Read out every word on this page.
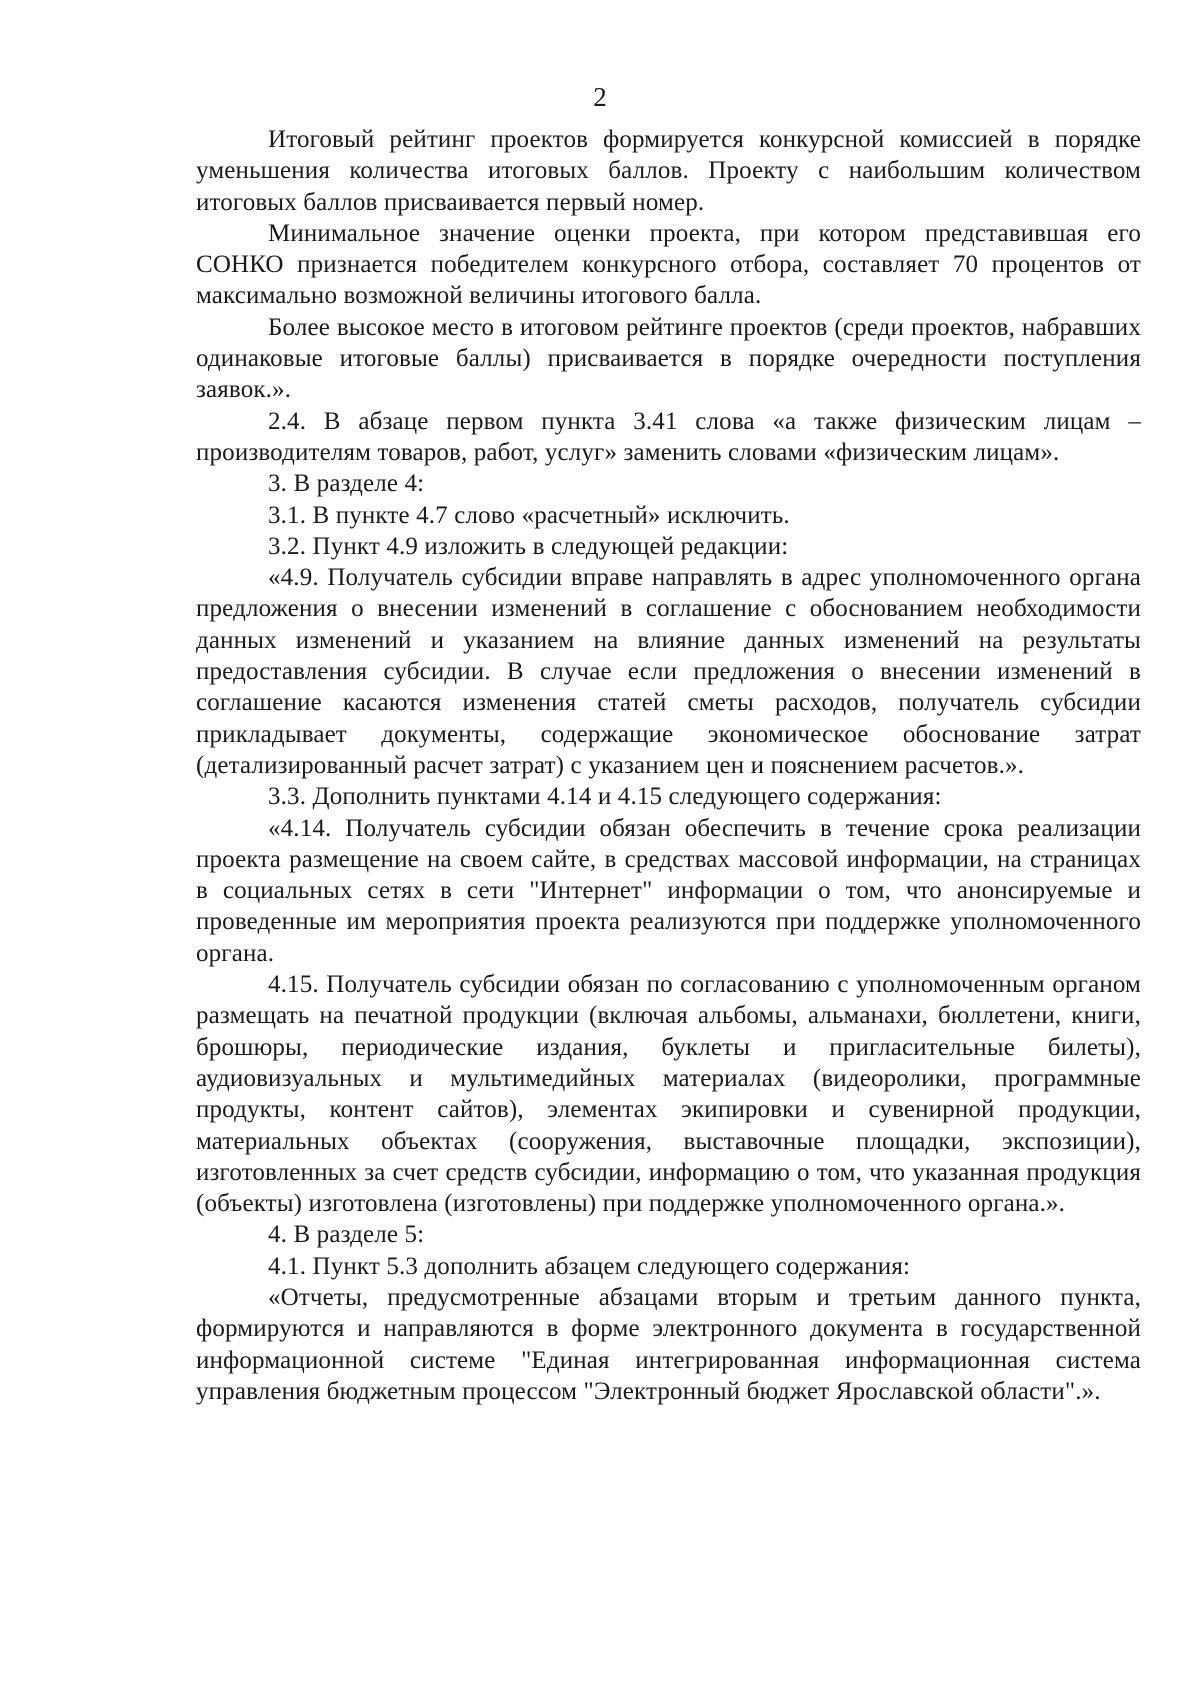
2

Итоговый рейтинг проектов формируется конкурсной комиссией в порядке уменьшения количества итоговых баллов. Проекту с наибольшим количеством итоговых баллов присваивается первый номер.

Минимальное значение оценки проекта, при котором представившая его СОНКО признается победителем конкурсного отбора, составляет 70 процентов от максимально возможной величины итогового балла.

Более высокое место в итоговом рейтинге проектов (среди проектов, набравших одинаковые итоговые баллы) присваивается в порядке очередности поступления заявок.».

2.4. В абзаце первом пункта 3.41 слова «а также физическим лицам – производителям товаров, работ, услуг» заменить словами «физическим лицам».

3. В разделе 4:

3.1. В пункте 4.7 слово «расчетный» исключить.

3.2. Пункт 4.9 изложить в следующей редакции:

«4.9. Получатель субсидии вправе направлять в адрес уполномоченного органа предложения о внесении изменений в соглашение с обоснованием необходимости данных изменений и указанием на влияние данных изменений на результаты предоставления субсидии. В случае если предложения о внесении изменений в соглашение касаются изменения статей сметы расходов, получатель субсидии прикладывает документы, содержащие экономическое обоснование затрат (детализированный расчет затрат) с указанием цен и пояснением расчетов.».

3.3. Дополнить пунктами 4.14 и 4.15 следующего содержания:

«4.14. Получатель субсидии обязан обеспечить в течение срока реализации проекта размещение на своем сайте, в средствах массовой информации, на страницах в социальных сетях в сети "Интернет" информации о том, что анонсируемые и проведенные им мероприятия проекта реализуются при поддержке уполномоченного органа.

4.15. Получатель субсидии обязан по согласованию с уполномоченным органом размещать на печатной продукции (включая альбомы, альманахи, бюллетени, книги, брошюры, периодические издания, буклеты и пригласительные билеты), аудиовизуальных и мультимедийных материалах (видеоролики, программные продукты, контент сайтов), элементах экипировки и сувенирной продукции, материальных объектах (сооружения, выставочные площадки, экспозиции), изготовленных за счет средств субсидии, информацию о том, что указанная продукция (объекты) изготовлена (изготовлены) при поддержке уполномоченного органа.».

4. В разделе 5:

4.1. Пункт 5.3 дополнить абзацем следующего содержания:

«Отчеты, предусмотренные абзацами вторым и третьим данного пункта, формируются и направляются в форме электронного документа в государственной информационной системе "Единая интегрированная информационная система управления бюджетным процессом "Электронный бюджет Ярославской области".».
